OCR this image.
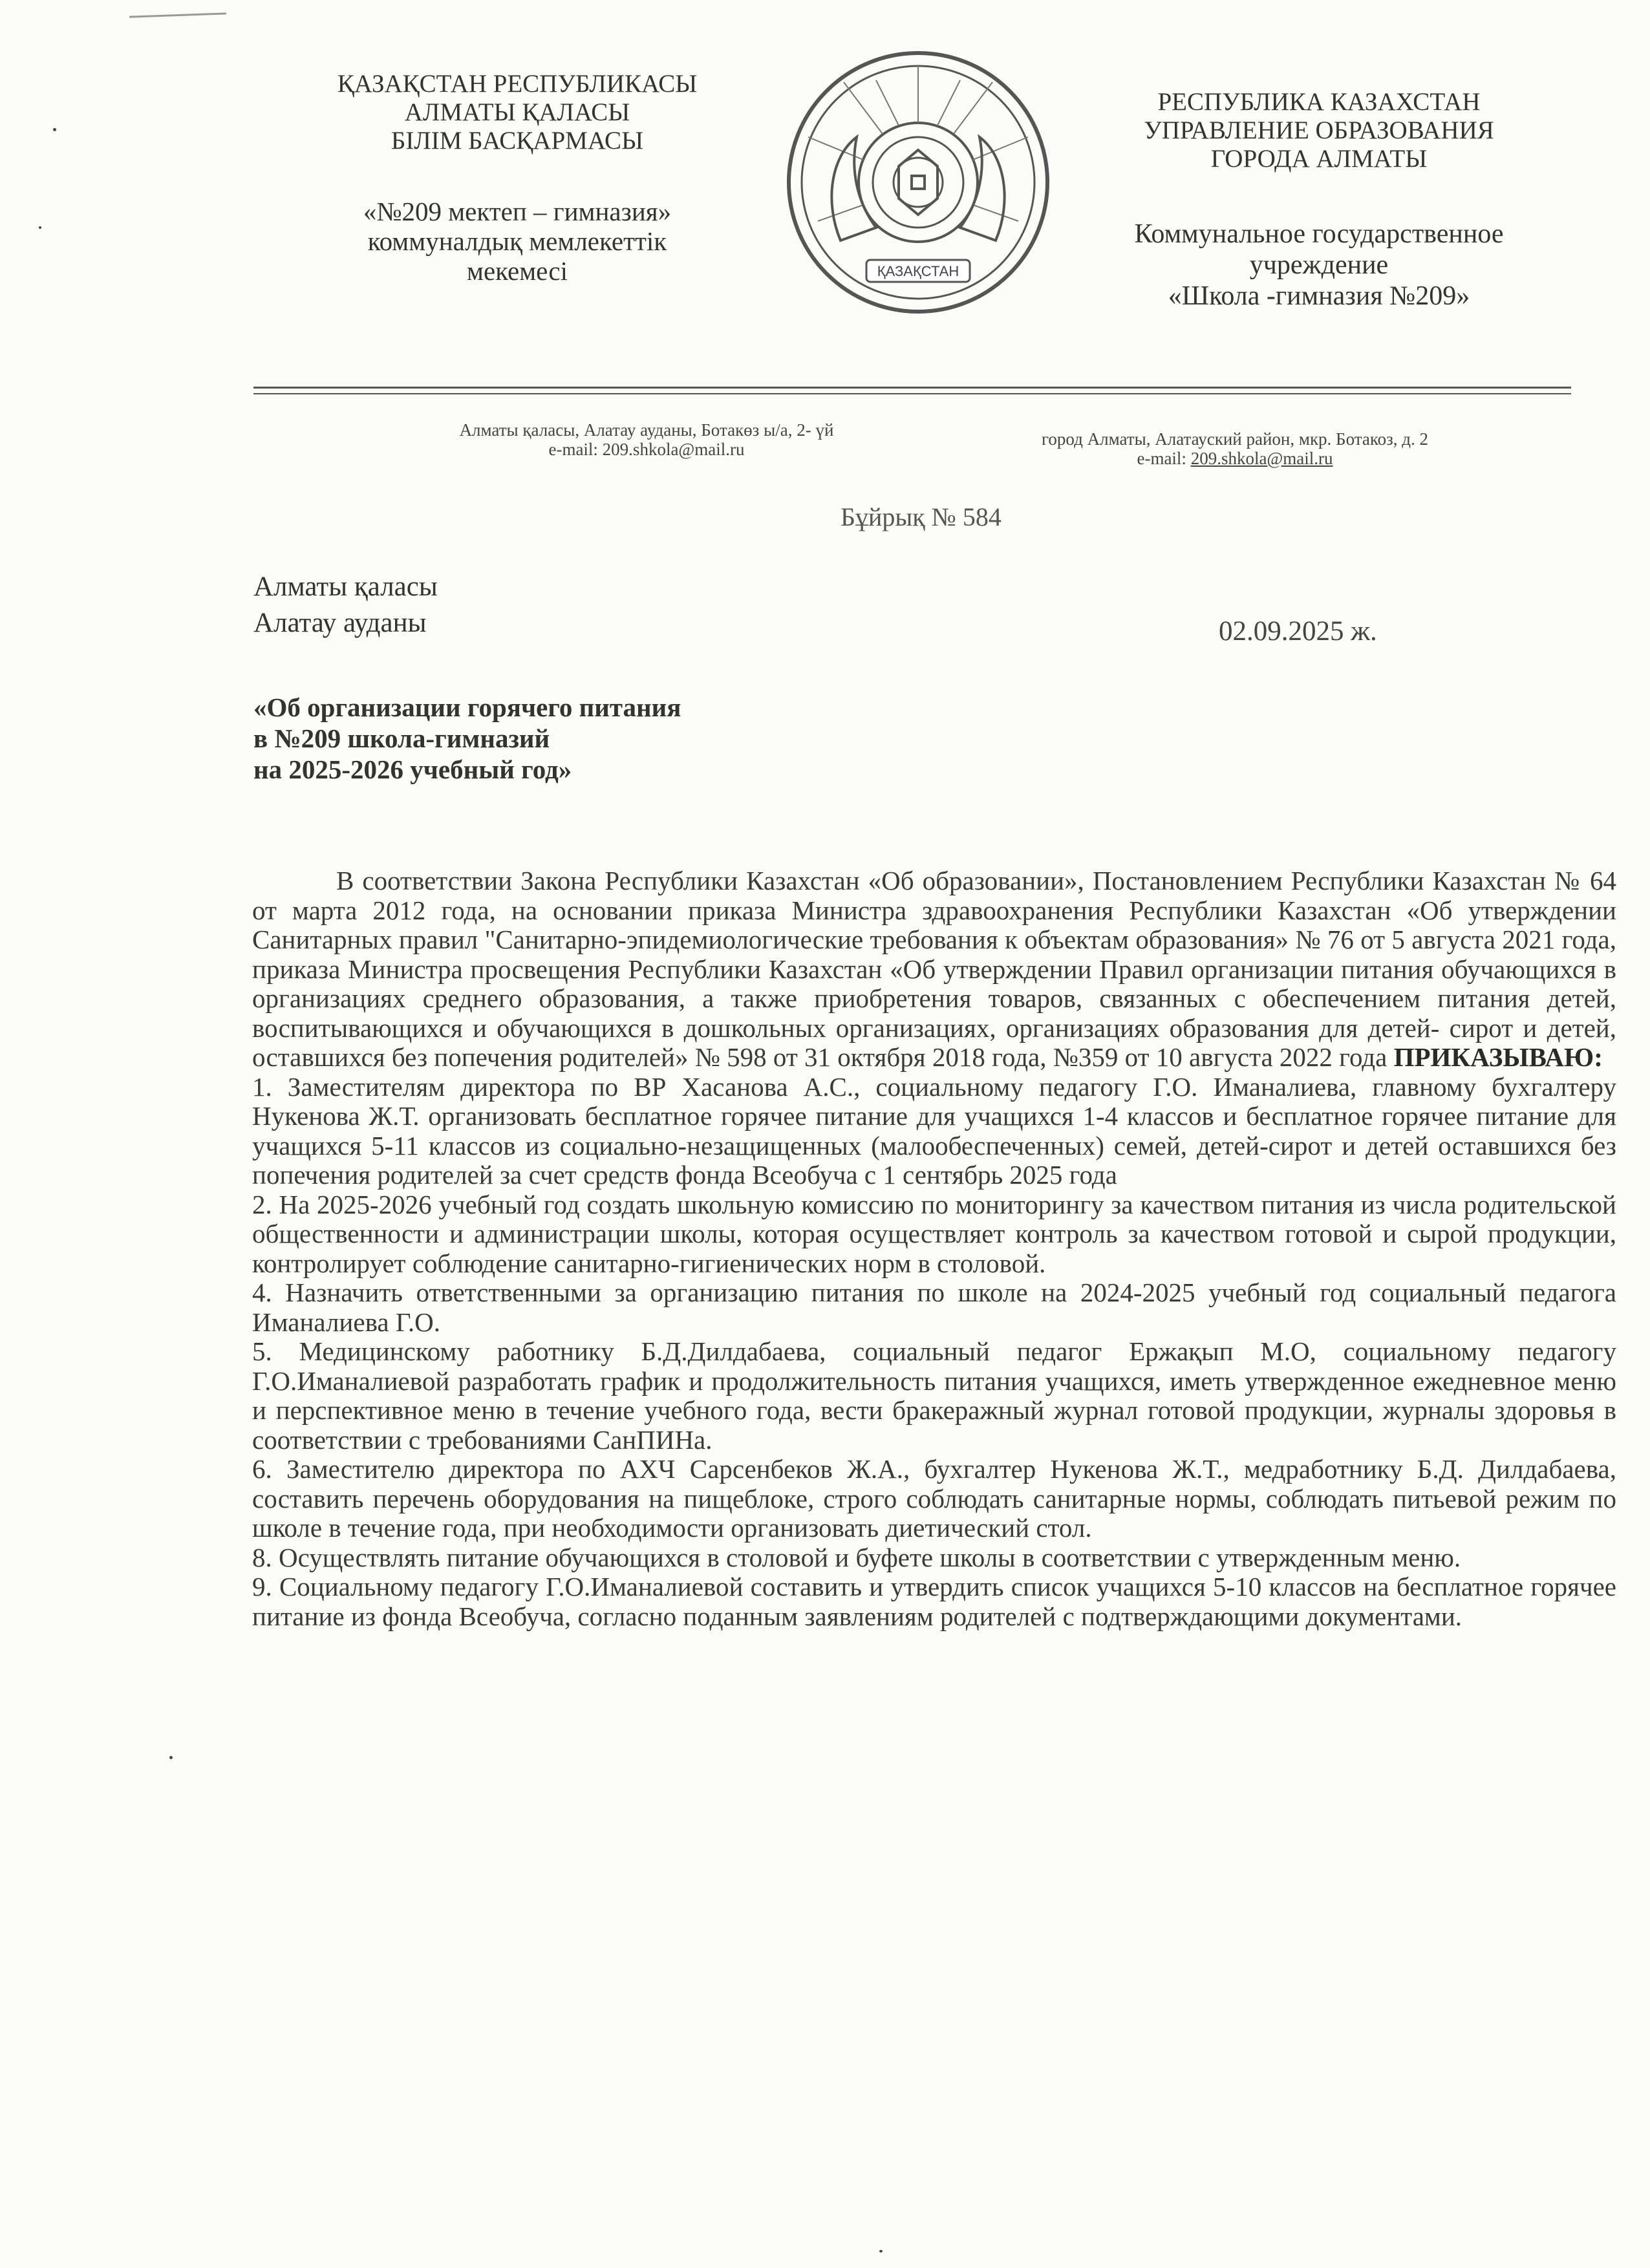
ҚАЗАҚСТАН РЕСПУБЛИКАСЫ
АЛМАТЫ ҚАЛАСЫ
БІЛІМ БАСҚАРМАСЫ
«№209 мектеп – гимназия»
коммуналдық мемлекеттік
мекемесі	ҚАЗАҚСТАН
РЕСПУБЛИКА КАЗАХСТАН
УПРАВЛЕНИЕ ОБРАЗОВАНИЯ
ГОРОДА АЛМАТЫ
Коммунальное государственное
учреждение
«Школа -гимназия №209»
Алматы қаласы, Алатау ауданы, Ботакөз ы/а, 2- үй
e-mail: 209.shkola@mail.ru
город Алматы, Алатауский район, мкр. Ботакоз, д. 2
e-mail: 209.shkola@mail.ru
Бұйрық № 584
Алматы қаласы
Алатау ауданы	02.09.2025 ж.
«Об организации горячего питания
в №209 школа-гимназий
на 2025-2026 учебный год»

В соответствии Закона Республики Казахстан «Об образовании», Постановлением Республики Казахстан № 64 от марта 2012 года, на основании приказа Министра здравоохранения Республики Казахстан «Об утверждении Санитарных правил "Санитарно-эпидемиологические требования к объектам образования» № 76 от 5 августа 2021 года, приказа Министра просвещения Республики Казахстан «Об утверждении Правил организации питания обучающихся в организациях среднего образования, а также приобретения товаров, связанных с обеспечением питания детей, воспитывающихся и обучающихся в дошкольных организациях, организациях образования для детей- сирот и детей, оставшихся без попечения родителей» № 598 от 31 октября 2018 года, №359 от 10 августа 2022 года ПРИКАЗЫВАЮ:

1. Заместителям директора по ВР Хасанова А.С., социальному педагогу Г.О. Иманалиева, главному бухгалтеру Нукенова Ж.Т. организовать бесплатное горячее питание для учащихся 1-4 классов и бесплатное горячее питание для учащихся 5-11 классов из социально-незащищенных (малообеспеченных) семей, детей-сирот и детей оставшихся без попечения родителей за счет средств фонда Всеобуча с 1 сентябрь 2025 года

2. На 2025-2026 учебный год создать школьную комиссию по мониторингу за качеством питания из числа родительской общественности и администрации школы, которая осуществляет контроль за качеством готовой и сырой продукции, контролирует соблюдение санитарно-гигиенических норм в столовой.

4. Назначить ответственными за организацию питания по школе на 2024-2025 учебный год социальный педагога Иманалиева Г.О.

5. Медицинскому работнику Б.Д.Дилдабаева, социальный педагог Ержақып М.О, социальному педагогу Г.О.Иманалиевой разработать график и продолжительность питания учащихся, иметь утвержденное ежедневное меню и перспективное меню в течение учебного года, вести бракеражный журнал готовой продукции, журналы здоровья в соответствии с требованиями СанПИНа.

6. Заместителю директора по АХЧ Сарсенбеков Ж.А., бухгалтер Нукенова Ж.Т., медработнику Б.Д. Дилдабаева, составить перечень оборудования на пищеблоке, строго соблюдать санитарные нормы, соблюдать питьевой режим по школе в течение года, при необходимости организовать диетический стол.

8. Осуществлять питание обучающихся в столовой и буфете школы в соответствии с утвержденным меню.

9. Социальному педагогу Г.О.Иманалиевой составить и утвердить список учащихся 5-10 классов на бесплатное горячее питание из фонда Всеобуча, согласно поданным заявлениям родителей с подтверждающими документами.
